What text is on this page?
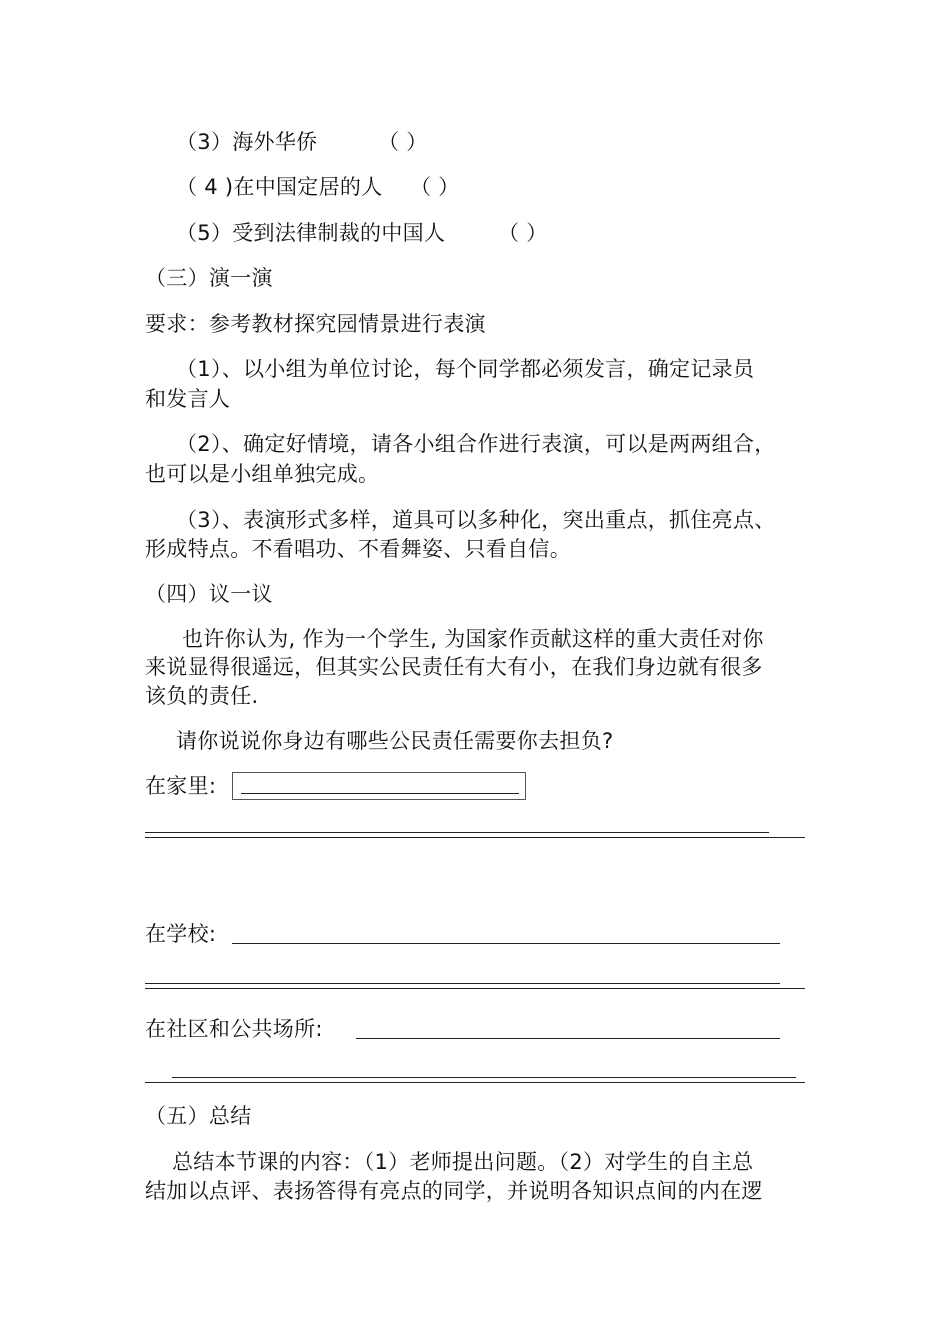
（3）海外华侨	（ ）
（ 4 )在中国定居的人 （ ）
（5）受到法律制裁的中国人	（ ）
（三）演一演
要求：参考教材探究园情景进行表演
（1）、以小组为单位讨论，每个同学都必须发言，确定记录员
和发言人
（2）、确定好情境，请各小组合作进行表演，可以是两两组合，
也可以是小组单独完成。
（3）、表演形式多样，道具可以多种化，突出重点，抓住亮点、
形成特点。不看唱功、不看舞姿、只看自信。
（四）议一议
也许你认为, 作为一个学生, 为国家作贡献这样的重大责任对你
来说显得很遥远，但其实公民责任有大有小，在我们身边就有很多
该负的责任.
请你说说你身边有哪些公民责任需要你去担负?
在家里:
在学校:
在社区和公共场所:
（五）总结
总结本节课的内容：（1）老师提出问题。（2）对学生的自主总
结加以点评、表扬答得有亮点的同学，并说明各知识点间的内在逻
